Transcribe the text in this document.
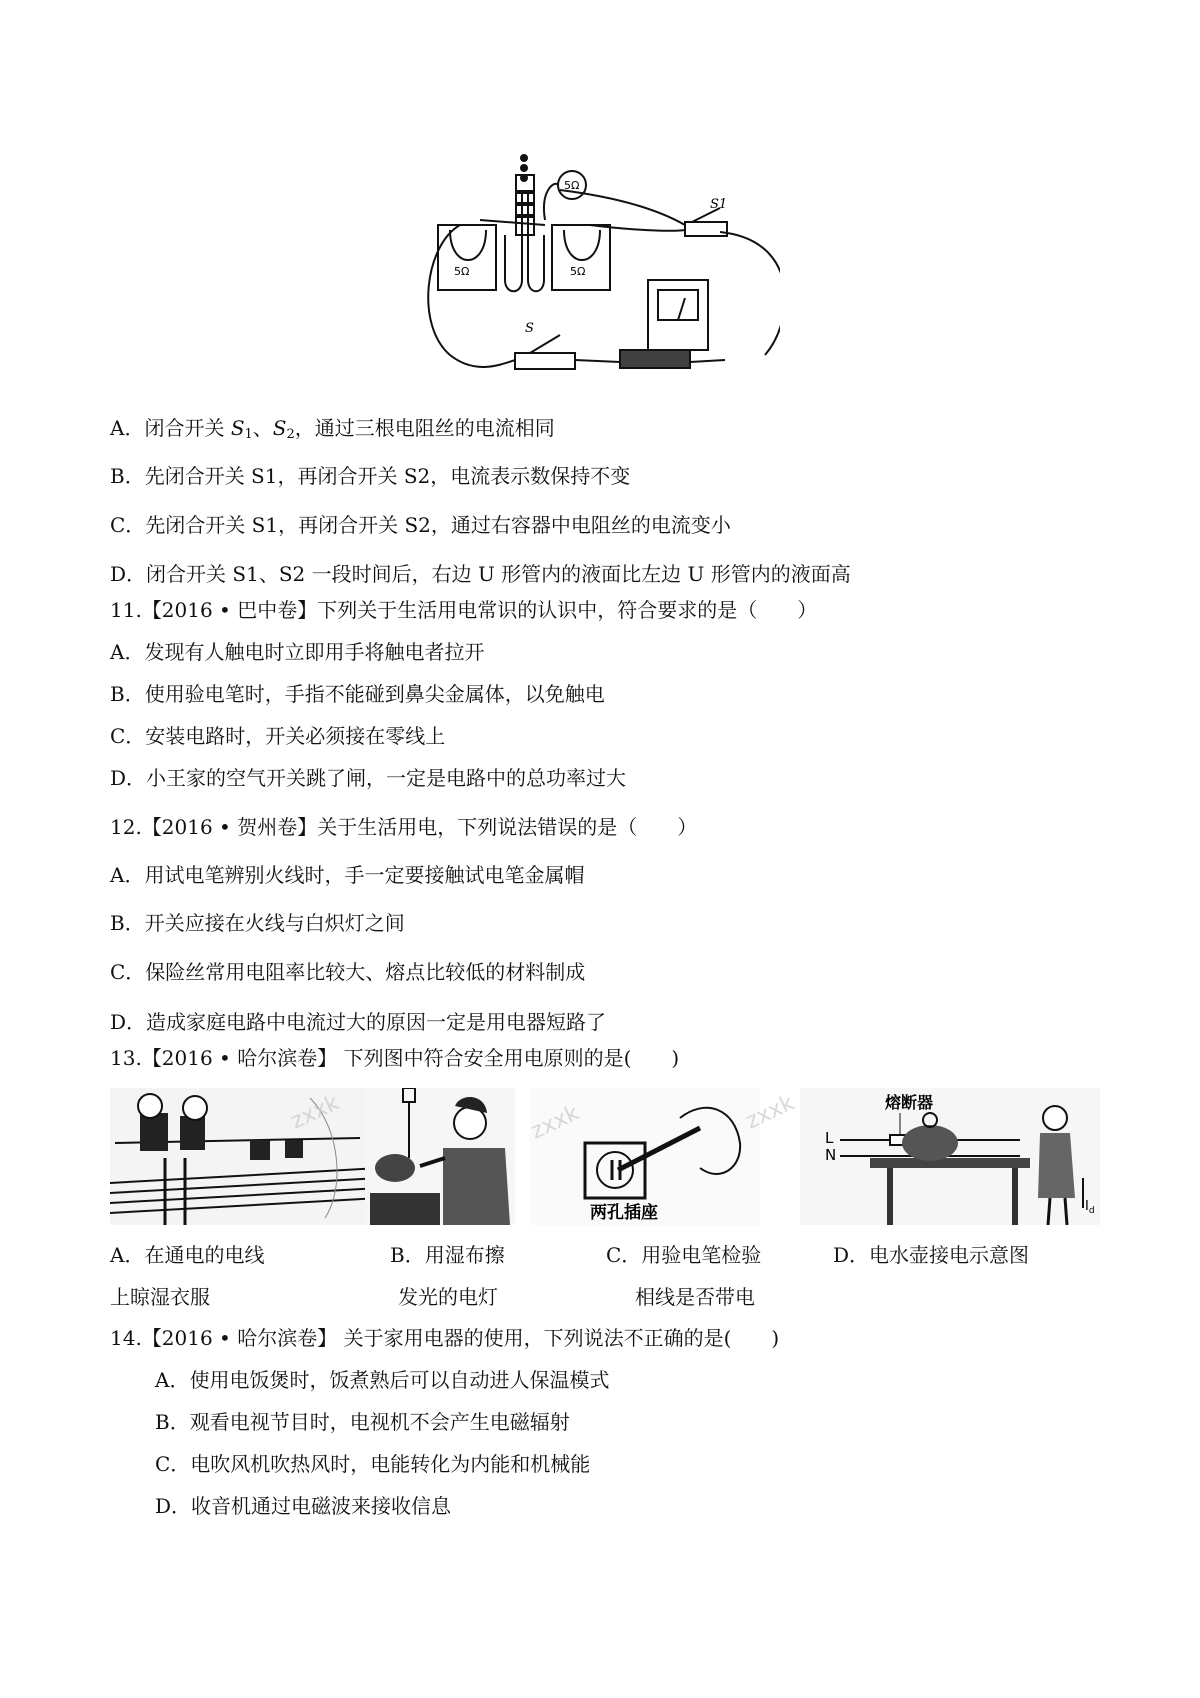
5Ω	5Ω
5Ω
S1
S
A．闭合开关 $S_1$、$S_2$，通过三根电阻丝的电流相同
B．先闭合开关 S1，再闭合开关 S2，电流表示数保持不变
C．先闭合开关 S1，再闭合开关 S2，通过右容器中电阻丝的电流变小
D．闭合开关 S1、S2 一段时间后，右边 U 形管内的液面比左边 U 形管内的液面高
11.【2016 • 巴中卷】下列关于生活用电常识的认识中，符合要求的是（　　）
A．发现有人触电时立即用手将触电者拉开
B．使用验电笔时，手指不能碰到鼻尖金属体，以免触电
C．安装电路时，开关必须接在零线上
D．小王家的空气开关跳了闸，一定是电路中的总功率过大
12.【2016 • 贺州卷】关于生活用电，下列说法错误的是（　　）
A．用试电笔辨别火线时，手一定要接触试电笔金属帽
B．开关应接在火线与白炽灯之间
C．保险丝常用电阻率比较大、熔点比较低的材料制成
D．造成家庭电路中电流过大的原因一定是用电器短路了
13.【2016 • 哈尔滨卷】 下列图中符合安全用电原则的是(　　)
两孔插座
熔断器
L
N
$I_d$
zxxk	zxxk	zxxk
A．在通电的电线
上晾湿衣服
B．用湿布擦
发光的电灯
C．用验电笔检验
相线是否带电
D．电水壶接电示意图
14.【2016 • 哈尔滨卷】 关于家用电器的使用，下列说法不正确的是(　　)
A．使用电饭煲时，饭煮熟后可以自动进人保温模式
B．观看电视节目时，电视机不会产生电磁辐射
C．电吹风机吹热风时，电能转化为内能和机械能
D．收音机通过电磁波来接收信息
